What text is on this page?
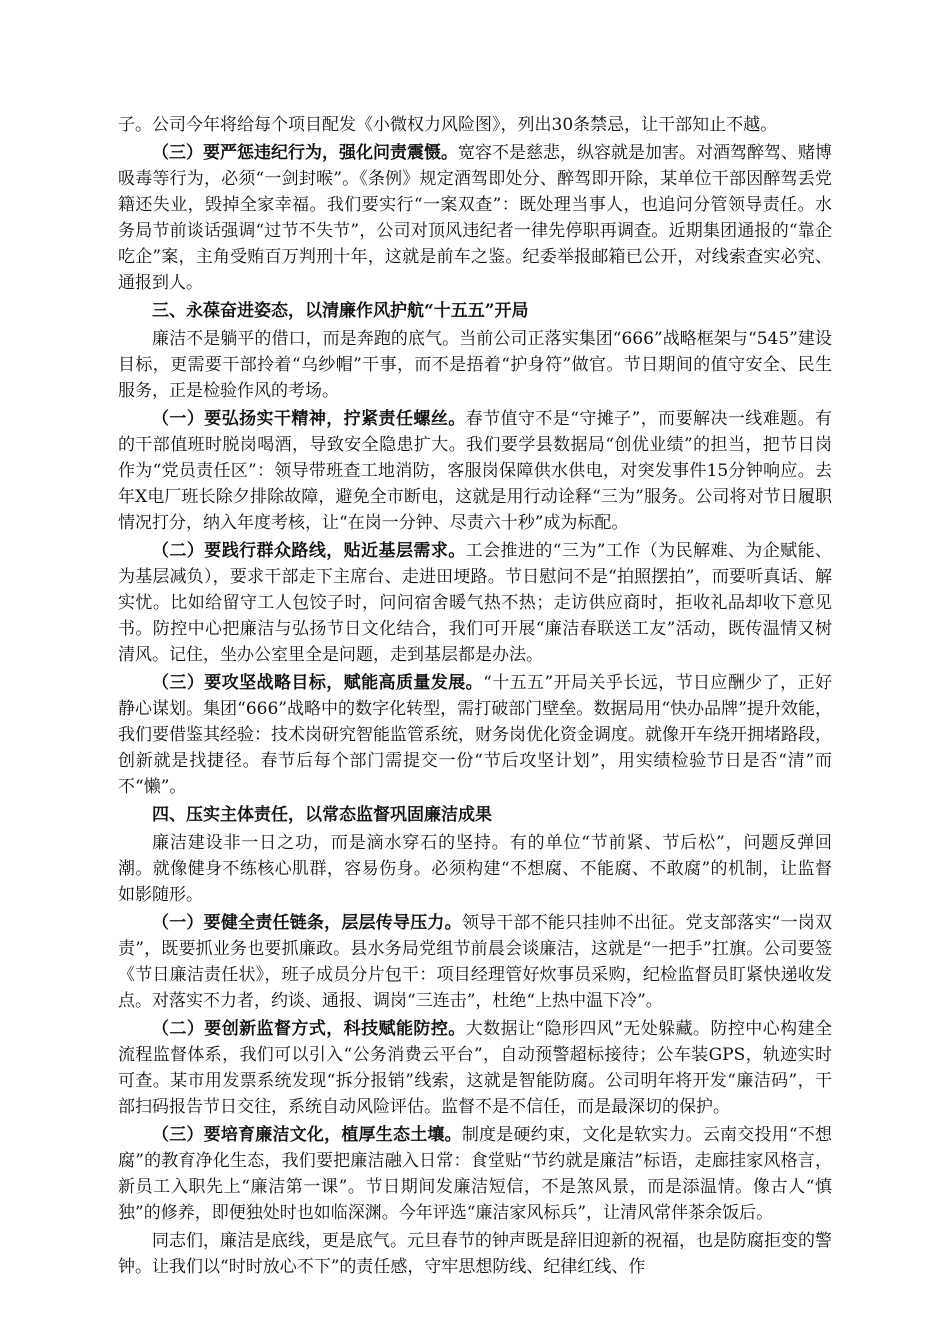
子。公司今年将给每个项目配发《小微权力风险图》，列出30条禁忌，让干部知止不越。

（三）要严惩违纪行为，强化问责震慑。宽容不是慈悲，纵容就是加害。对酒驾醉驾、赌博吸毒等行为，必须“一剑封喉”。《条例》规定酒驾即处分、醉驾即开除，某单位干部因醉驾丢党籍还失业，毁掉全家幸福。我们要实行“一案双查”：既处理当事人，也追问分管领导责任。水务局节前谈话强调“过节不失节”，公司对顶风违纪者一律先停职再调查。近期集团通报的“靠企吃企”案，主角受贿百万判刑十年，这就是前车之鉴。纪委举报邮箱已公开，对线索查实必究、通报到人。

三、永葆奋进姿态，以清廉作风护航“十五五”开局

廉洁不是躺平的借口，而是奔跑的底气。当前公司正落实集团“666”战略框架与“545”建设目标，更需要干部拎着“乌纱帽”干事，而不是捂着“护身符”做官。节日期间的值守安全、民生服务，正是检验作风的考场。

（一）要弘扬实干精神，拧紧责任螺丝。春节值守不是“守摊子”，而要解决一线难题。有的干部值班时脱岗喝酒，导致安全隐患扩大。我们要学县数据局“创优业绩”的担当，把节日岗作为“党员责任区”：领导带班查工地消防，客服岗保障供水供电，对突发事件15分钟响应。去年X电厂班长除夕排除故障，避免全市断电，这就是用行动诠释“三为”服务。公司将对节日履职情况打分，纳入年度考核，让“在岗一分钟、尽责六十秒”成为标配。

（二）要践行群众路线，贴近基层需求。工会推进的“三为”工作（为民解难、为企赋能、为基层减负），要求干部走下主席台、走进田埂路。节日慰问不是“拍照摆拍”，而要听真话、解实忧。比如给留守工人包饺子时，问问宿舍暖气热不热；走访供应商时，拒收礼品却收下意见书。防控中心把廉洁与弘扬节日文化结合，我们可开展“廉洁春联送工友”活动，既传温情又树清风。记住，坐办公室里全是问题，走到基层都是办法。

（三）要攻坚战略目标，赋能高质量发展。“十五五”开局关乎长远，节日应酬少了，正好静心谋划。集团“666”战略中的数字化转型，需打破部门壁垒。数据局用“快办品牌”提升效能，我们要借鉴其经验：技术岗研究智能监管系统，财务岗优化资金调度。就像开车绕开拥堵路段，创新就是找捷径。春节后每个部门需提交一份“节后攻坚计划”，用实绩检验节日是否“清”而不“懒”。

四、压实主体责任，以常态监督巩固廉洁成果

廉洁建设非一日之功，而是滴水穿石的坚持。有的单位“节前紧、节后松”，问题反弹回潮。就像健身不练核心肌群，容易伤身。必须构建“不想腐、不能腐、不敢腐”的机制，让监督如影随形。

（一）要健全责任链条，层层传导压力。领导干部不能只挂帅不出征。党支部落实“一岗双责”，既要抓业务也要抓廉政。县水务局党组节前晨会谈廉洁，这就是“一把手”扛旗。公司要签《节日廉洁责任状》，班子成员分片包干：项目经理管好炊事员采购，纪检监督员盯紧快递收发点。对落实不力者，约谈、通报、调岗“三连击”，杜绝“上热中温下冷”。

（二）要创新监督方式，科技赋能防控。大数据让“隐形四风”无处躲藏。防控中心构建全流程监督体系，我们可以引入“公务消费云平台”，自动预警超标接待；公车装GPS，轨迹实时可查。某市用发票系统发现“拆分报销”线索，这就是智能防腐。公司明年将开发“廉洁码”，干部扫码报告节日交往，系统自动风险评估。监督不是不信任，而是最深切的保护。

（三）要培育廉洁文化，植厚生态土壤。制度是硬约束，文化是软实力。云南交投用“不想腐”的教育净化生态，我们要把廉洁融入日常：食堂贴“节约就是廉洁”标语，走廊挂家风格言，新员工入职先上“廉洁第一课”。节日期间发廉洁短信，不是煞风景，而是添温情。像古人“慎独”的修养，即便独处时也如临深渊。今年评选“廉洁家风标兵”，让清风常伴茶余饭后。

同志们，廉洁是底线，更是底气。元旦春节的钟声既是辞旧迎新的祝福，也是防腐拒变的警钟。让我们以“时时放心不下”的责任感，守牢思想防线、纪律红线、作
